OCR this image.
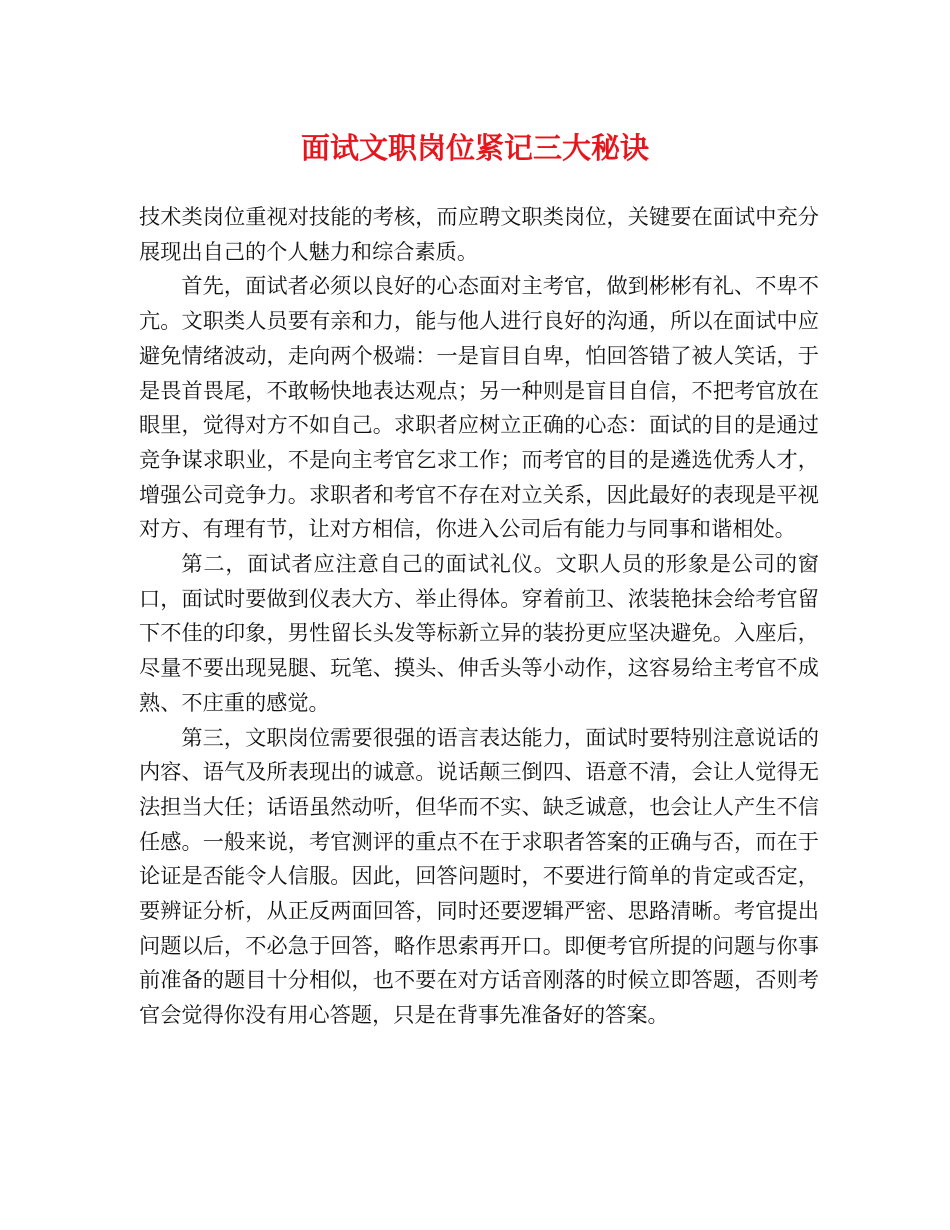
面试文职岗位紧记三大秘诀

技术类岗位重视对技能的考核，而应聘文职类岗位，关键要在面试中充分展现出自己的个人魅力和综合素质。

首先，面试者必须以良好的心态面对主考官，做到彬彬有礼、不卑不亢。文职类人员要有亲和力，能与他人进行良好的沟通，所以在面试中应避免情绪波动，走向两个极端：一是盲目自卑，怕回答错了被人笑话，于是畏首畏尾，不敢畅快地表达观点；另一种则是盲目自信，不把考官放在眼里，觉得对方不如自己。求职者应树立正确的心态：面试的目的是通过竞争谋求职业，不是向主考官乞求工作；而考官的目的是遴选优秀人才，增强公司竞争力。求职者和考官不存在对立关系，因此最好的表现是平视对方、有理有节，让对方相信，你进入公司后有能力与同事和谐相处。

第二，面试者应注意自己的面试礼仪。文职人员的形象是公司的窗口，面试时要做到仪表大方、举止得体。穿着前卫、浓装艳抹会给考官留下不佳的印象，男性留长头发等标新立异的装扮更应坚决避免。入座后，尽量不要出现晃腿、玩笔、摸头、伸舌头等小动作，这容易给主考官不成熟、不庄重的感觉。

第三，文职岗位需要很强的语言表达能力，面试时要特别注意说话的内容、语气及所表现出的诚意。说话颠三倒四、语意不清，会让人觉得无法担当大任；话语虽然动听，但华而不实、缺乏诚意，也会让人产生不信任感。一般来说，考官测评的重点不在于求职者答案的正确与否，而在于论证是否能令人信服。因此，回答问题时，不要进行简单的肯定或否定，要辨证分析，从正反两面回答，同时还要逻辑严密、思路清晰。考官提出问题以后，不必急于回答，略作思索再开口。即便考官所提的问题与你事前准备的题目十分相似，也不要在对方话音刚落的时候立即答题，否则考官会觉得你没有用心答题，只是在背事先准备好的答案。
